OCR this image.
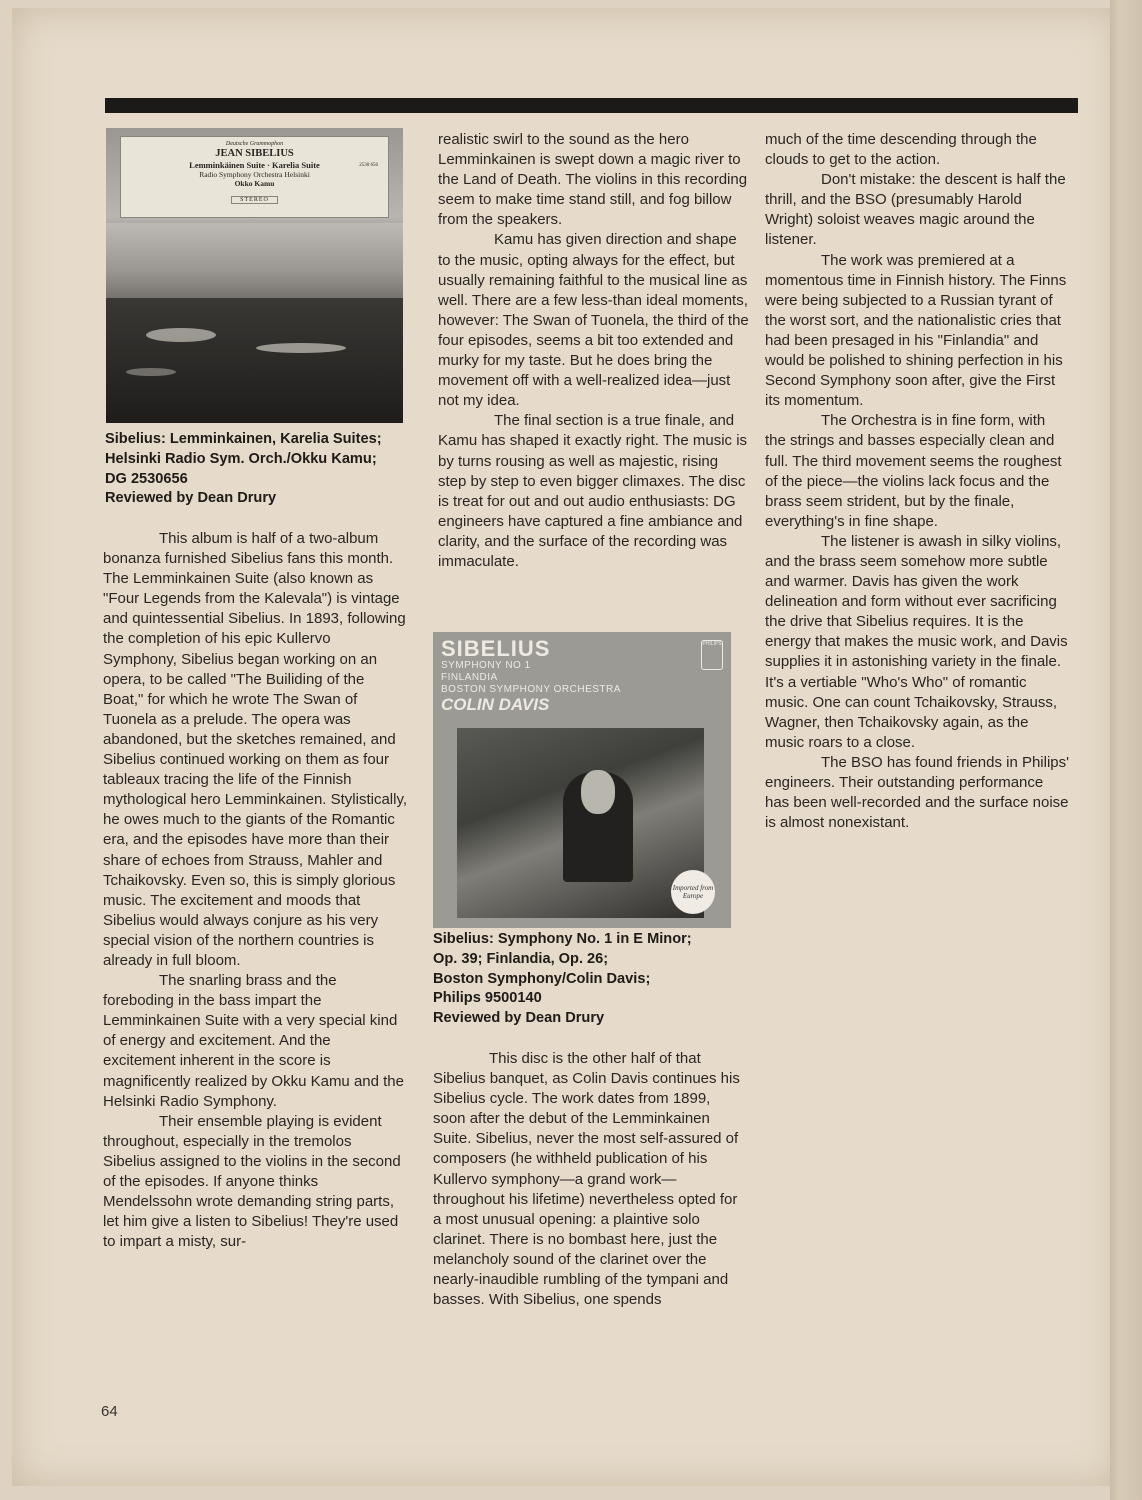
Deutsche Grammophon
2530 656
JEAN SIBELIUS
Lemminkäinen Suite · Karelia Suite
Radio Symphony Orchestra Helsinki
Okko Kamu
STEREO
Sibelius: Lemminkainen, Karelia Suites;
Helsinki Radio Sym. Orch./Okku Kamu;
DG 2530656
Reviewed by Dean Drury

This album is half of a two-album bonanza furnished Sibelius fans this month. The Lemminkainen Suite (also known as "Four Legends from the Kalevala") is vintage and quintessential Sibelius. In 1893, following the completion of his epic Kullervo Symphony, Sibelius began working on an opera, to be called "The Builiding of the Boat," for which he wrote The Swan of Tuonela as a prelude. The opera was abandoned, but the sketches remained, and Sibelius continued working on them as four tableaux tracing the life of the Finnish mythological hero Lemminkainen. Stylistically, he owes much to the giants of the Romantic era, and the episodes have more than their share of echoes from Strauss, Mahler and Tchaikovsky. Even so, this is simply glorious music. The excitement and moods that Sibelius would always conjure as his very special vision of the northern countries is already in full bloom.

The snarling brass and the foreboding in the bass impart the Lemminkainen Suite with a very special kind of energy and excitement. And the excitement inherent in the score is magnificently realized by Okku Kamu and the Helsinki Radio Symphony.

Their ensemble playing is evident throughout, especially in the tremolos Sibelius assigned to the violins in the second of the episodes. If anyone thinks Mendelssohn wrote demanding string parts, let him give a listen to Sibelius! They're used to impart a misty, sur-

realistic swirl to the sound as the hero Lemminkainen is swept down a magic river to the Land of Death. The violins in this recording seem to make time stand still, and fog billow from the speakers.

Kamu has given direction and shape to the music, opting always for the effect, but usually remaining faithful to the musical line as well. There are a few less-than ideal moments, however: The Swan of Tuonela, the third of the four episodes, seems a bit too extended and murky for my taste. But he does bring the movement off with a well-realized idea—just not my idea.

The final section is a true finale, and Kamu has shaped it exactly right. The music is by turns rousing as well as majestic, rising step by step to even bigger climaxes. The disc is treat for out and out audio enthusiasts: DG engineers have captured a fine ambiance and clarity, and the surface of the recording was immaculate.

SIBELIUS
SYMPHONY NO 1
FINLANDIA
BOSTON SYMPHONY ORCHESTRA
COLIN DAVIS
PHILIPS
Imported from Europe
Sibelius: Symphony No. 1 in E Minor;
Op. 39; Finlandia, Op. 26;
Boston Symphony/Colin Davis;
Philips 9500140
Reviewed by Dean Drury

This disc is the other half of that Sibelius banquet, as Colin Davis continues his Sibelius cycle. The work dates from 1899, soon after the debut of the Lemminkainen Suite. Sibelius, never the most self-assured of composers (he withheld publication of his Kullervo symphony—a grand work—throughout his lifetime) nevertheless opted for a most unusual opening: a plaintive solo clarinet. There is no bombast here, just the melancholy sound of the clarinet over the nearly-inaudible rumbling of the tympani and basses. With Sibelius, one spends

much of the time descending through the clouds to get to the action.

Don't mistake: the descent is half the thrill, and the BSO (presumably Harold Wright) soloist weaves magic around the listener.

The work was premiered at a momentous time in Finnish history. The Finns were being subjected to a Russian tyrant of the worst sort, and the nationalistic cries that had been presaged in his "Finlandia" and would be polished to shining perfection in his Second Symphony soon after, give the First its momentum.

The Orchestra is in fine form, with the strings and basses especially clean and full. The third movement seems the roughest of the piece—the violins lack focus and the brass seem strident, but by the finale, everything's in fine shape.

The listener is awash in silky violins, and the brass seem somehow more subtle and warmer. Davis has given the work delineation and form without ever sacrificing the drive that Sibelius requires. It is the energy that makes the music work, and Davis supplies it in astonishing variety in the finale. It's a vertiable "Who's Who" of romantic music. One can count Tchaikovsky, Strauss, Wagner, then Tchaikovsky again, as the music roars to a close.

The BSO has found friends in Philips' engineers. Their outstanding performance has been well-recorded and the surface noise is almost nonexistant.

64
